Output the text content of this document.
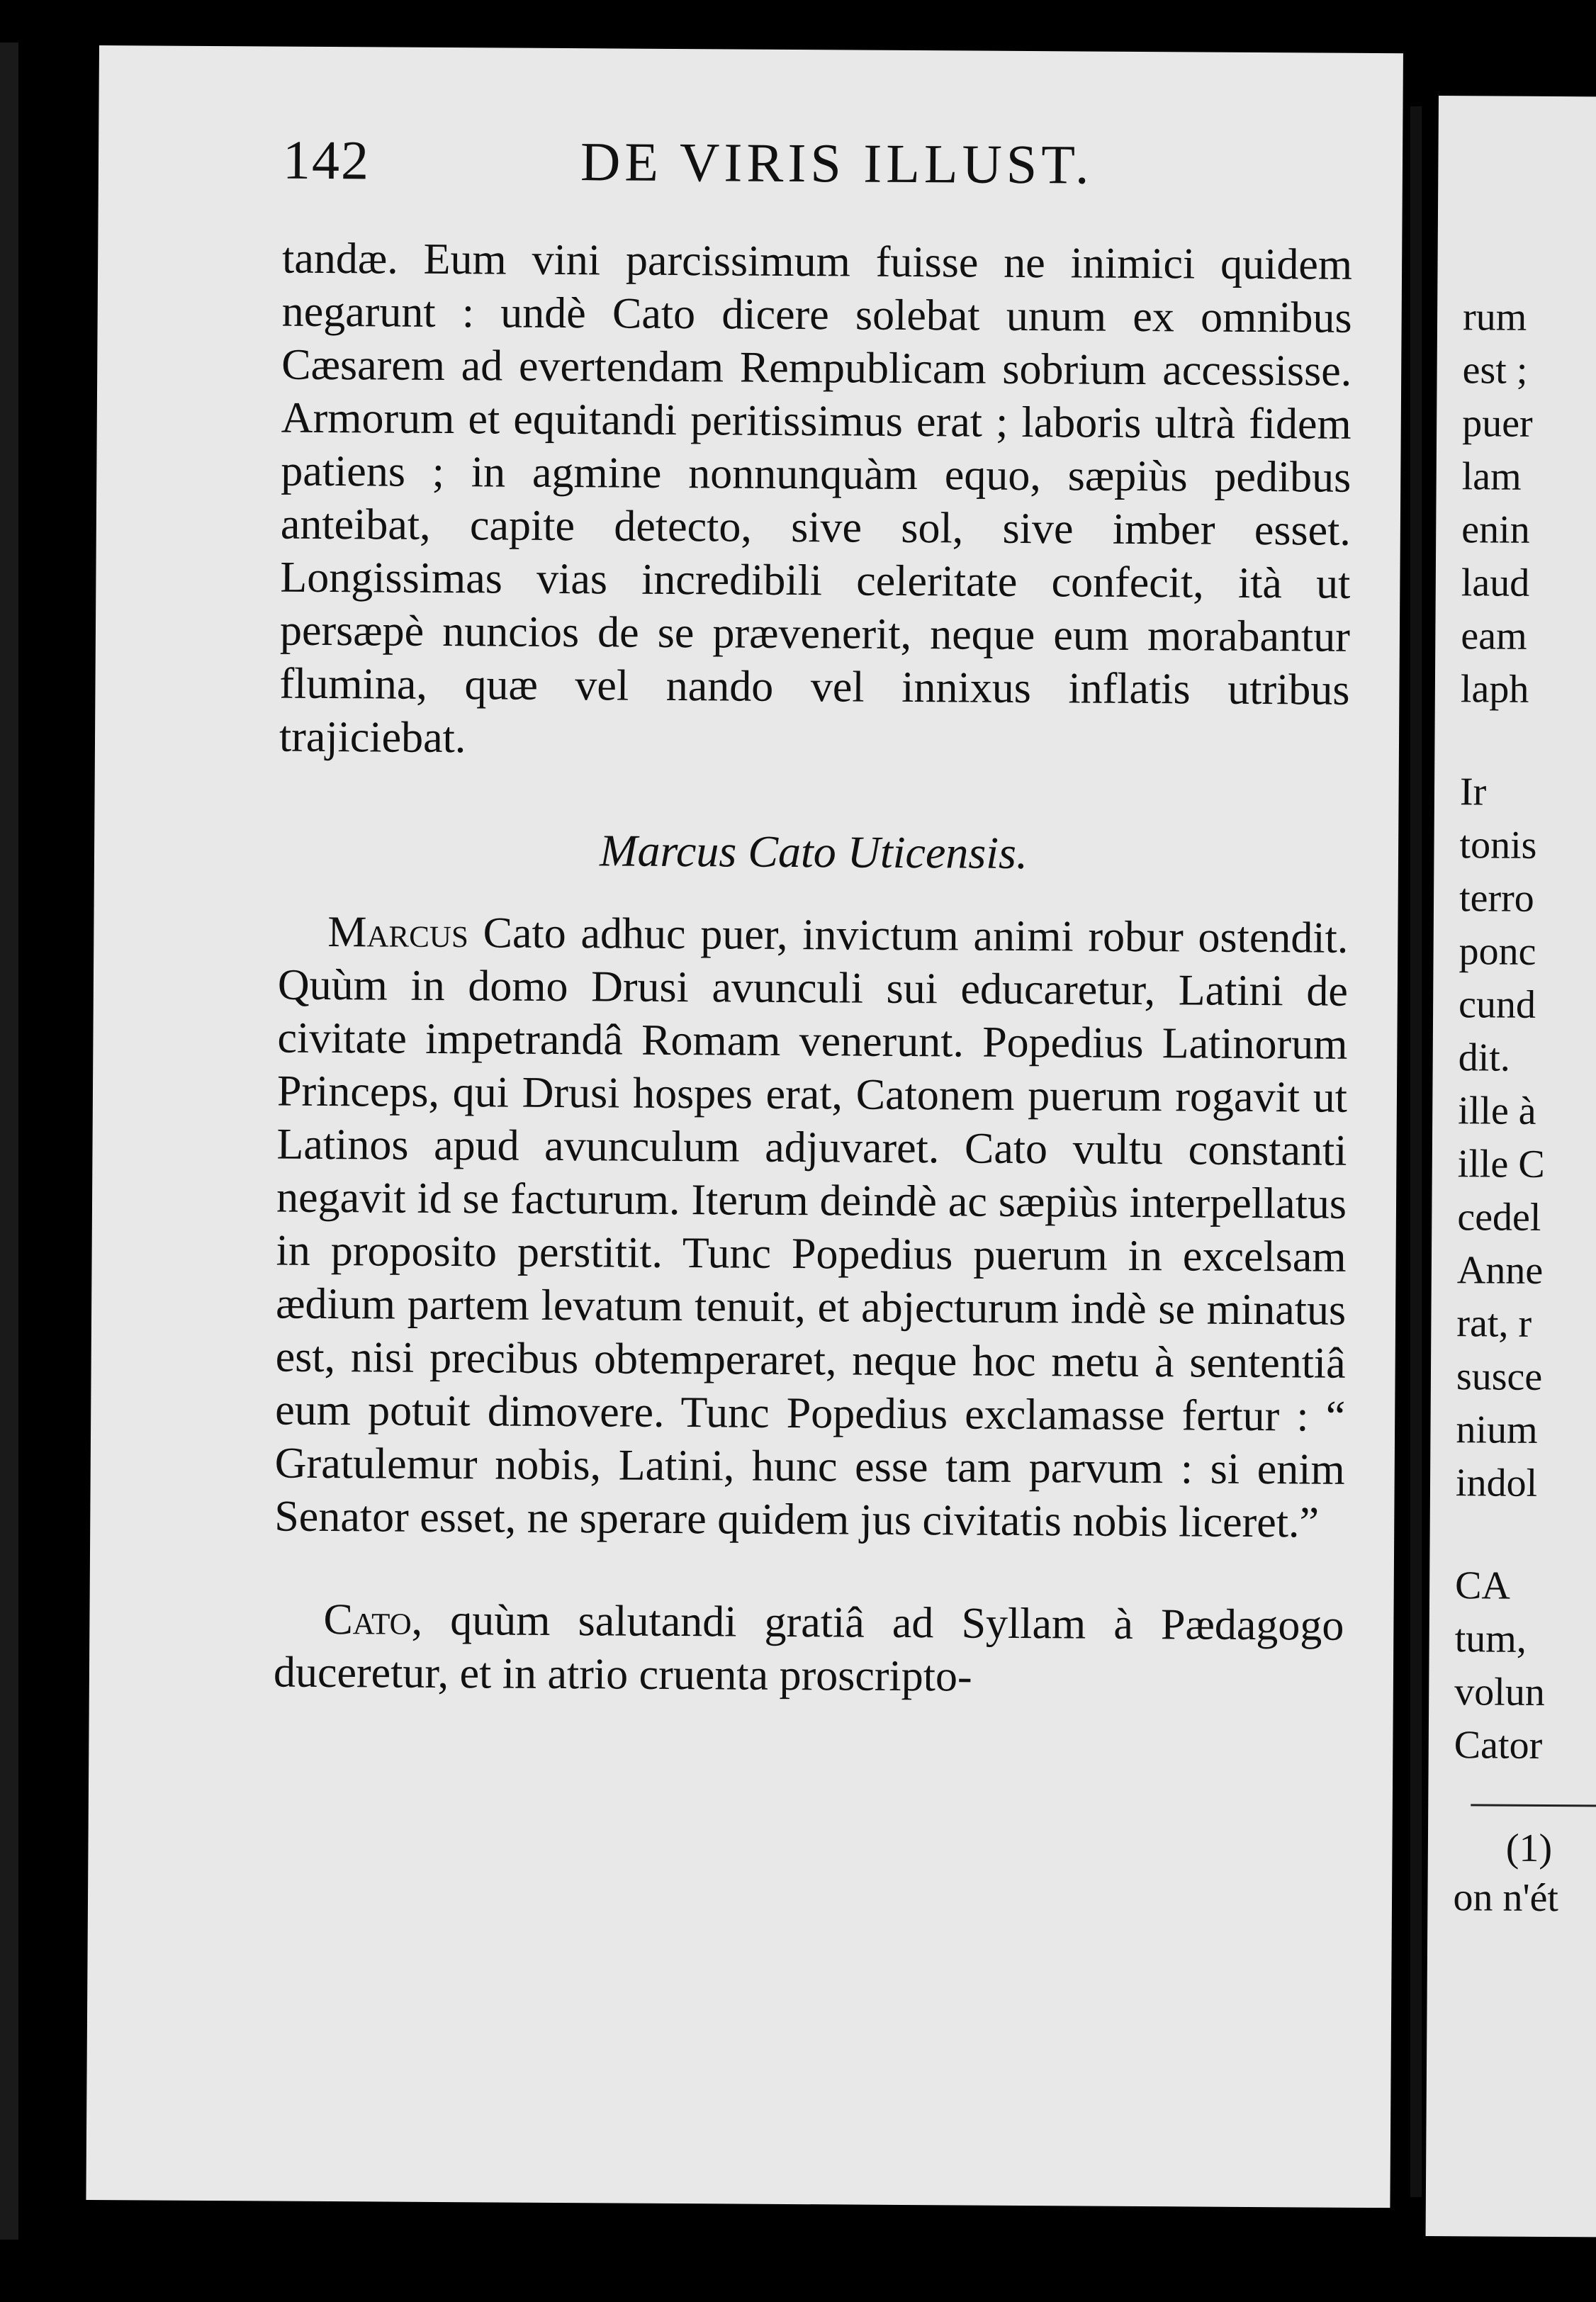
142	DE VIRIS ILLUST.

tandæ. Eum vini parcissimum fuisse ne inimici quidem negarunt : undè Cato dicere solebat unum ex omnibus Cæsarem ad evertendam Rempublicam sobrium accessisse. Armorum et equitandi peritissimus erat ; laboris ultrà fidem patiens ; in agmine nonnunquàm equo, sæpiùs pedibus anteibat, capite detecto, sive sol, sive imber esset. Longissimas vias incredibili celeritate confecit, ità ut persæpè nuncios de se prævenerit, neque eum morabantur flumina, quæ vel nando vel innixus inflatis utribus trajiciebat.

Marcus Cato Uticensis.

Marcus Cato adhuc puer, invictum animi robur ostendit. Quùm in domo Drusi avunculi sui educaretur, Latini de civitate impetrandâ Romam venerunt. Popedius Latinorum Princeps, qui Drusi hospes erat, Catonem puerum rogavit ut Latinos apud avunculum adjuvaret. Cato vultu constanti negavit id se facturum. Iterum deindè ac sæpiùs interpellatus in proposito perstitit. Tunc Popedius puerum in excelsam ædium partem levatum tenuit, et abjecturum indè se minatus est, nisi precibus obtemperaret, neque hoc metu à sententiâ eum potuit dimovere. Tunc Popedius exclamasse fertur : “ Gratulemur nobis, Latini, hunc esse tam parvum : si enim Senator esset, ne sperare quidem jus civitatis nobis liceret.”

Cato, quùm salutandi gratiâ ad Syllam à Pædagogo duceretur, et in atrio cruenta proscripto-

rum
est ;
puer
lam
enin
laud
eam
laph
Ir
tonis
terro
ponc
cund
dit.
ille à
ille C
cedel
Anne
rat, r
susce
nium
indol
CA
tum,
volun
Cator
(1)
on n'ét
